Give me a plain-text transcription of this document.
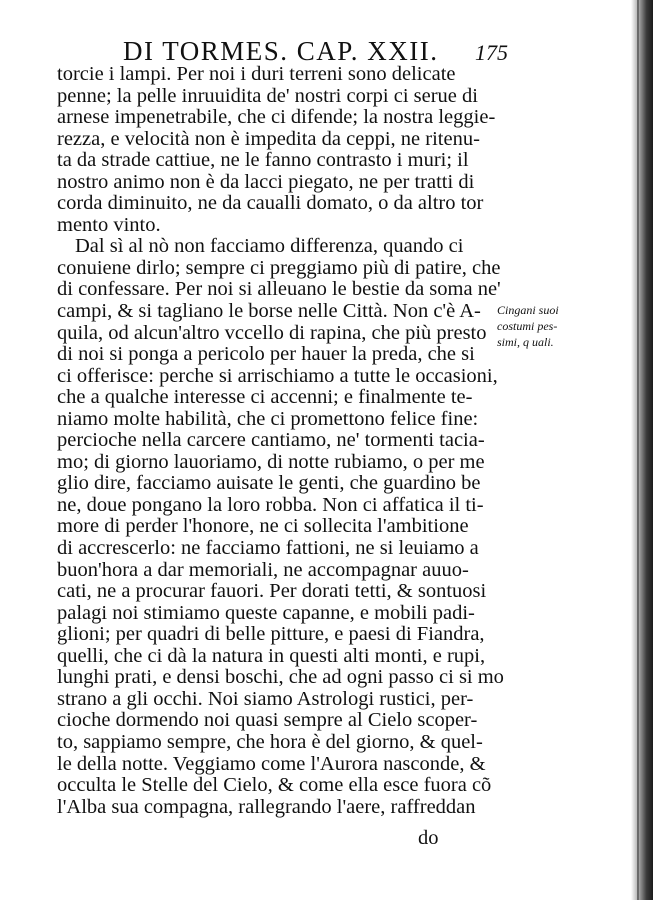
DI TORMES. CAP. XXII. 175
torcie i lampi. Per noi i duri terreni sono delicate
penne; la pelle inruuidita de' nostri corpi ci serue di
arnese impenetrabile, che ci difende; la nostra leggie-
rezza, e velocità non è impedita da ceppi, ne ritenu-
ta da strade cattiue, ne le fanno contrasto i muri; il
nostro animo non è da lacci piegato, ne per tratti di
corda diminuito, ne da caualli domato, o da altro tor
mento vinto.
Dal sì al nò non facciamo differenza, quando ci
conuiene dirlo; sempre ci preggiamo più di patire, che
di confessare. Per noi si alleuano le bestie da soma ne'
campi, & si tagliano le borse nelle Città. Non c'è A-
quila, od alcun'altro vccello di rapina, che più presto
di noi si ponga a pericolo per hauer la preda, che si
ci offerisce: perche si arrischiamo a tutte le occasioni,
che a qualche interesse ci accenni; e finalmente te-
niamo molte habilità, che ci promettono felice fine:
percioche nella carcere cantiamo, ne' tormenti tacia-
mo; di giorno lauoriamo, di notte rubiamo, o per me
glio dire, facciamo auisate le genti, che guardino be
ne, doue pongano la loro robba. Non ci affatica il ti-
more di perder l'honore, ne ci sollecita l'ambitione
di accrescerlo: ne facciamo fattioni, ne si leuiamo a
buon'hora a dar memoriali, ne accompagnar auuo-
cati, ne a procurar fauori. Per dorati tetti, & sontuosi
palagi noi stimiamo queste capanne, e mobili padi-
glioni; per quadri di belle pitture, e paesi di Fiandra,
quelli, che ci dà la natura in questi alti monti, e rupi,
lunghi prati, e densi boschi, che ad ogni passo ci si mo
strano a gli occhi. Noi siamo Astrologi rustici, per-
cioche dormendo noi quasi sempre al Cielo scoper-
to, sappiamo sempre, che hora è del giorno, & quel-
le della notte. Veggiamo come l'Aurora nasconde, &
occulta le Stelle del Cielo, & come ella esce fuora cõ
l'Alba sua compagna, rallegrando l'aere, raffreddan
Cingani suoi
costumi pes-
simi, q uali.
do
